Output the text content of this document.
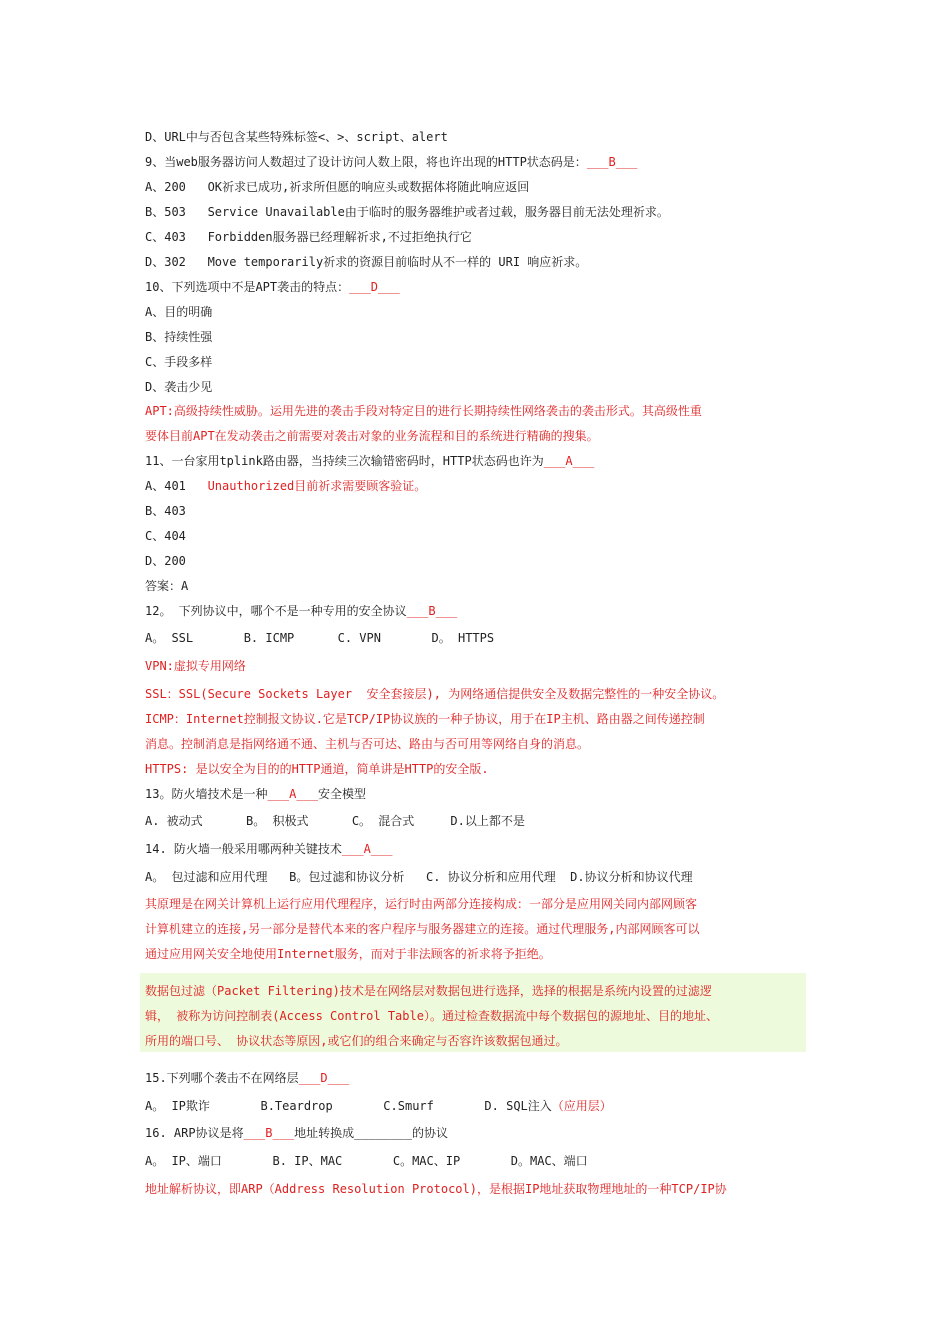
D、URL中与否包含某些特殊标签<、>、script、alert
9、当web服务器访问人数超过了设计访问人数上限，将也许出现的HTTP状态码是：___B___
A、200   OK祈求已成功,祈求所但愿的响应头或数据体将随此响应返回
B、503   Service Unavailable由于临时的服务器维护或者过载，服务器目前无法处理祈求。
C、403   Forbidden服务器已经理解祈求,不过拒绝执行它
D、302   Move temporarily祈求的资源目前临时从不一样的 URI 响应祈求。
10、下列选项中不是APT袭击的特点：___D___
A、目的明确
B、持续性强
C、手段多样
D、袭击少见
APT:高级持续性威胁。运用先进的袭击手段对特定目的进行长期持续性网络袭击的袭击形式。其高级性重
要体目前APT在发动袭击之前需要对袭击对象的业务流程和目的系统进行精确的搜集。
11、一台家用tplink路由器，当持续三次输错密码时，HTTP状态码也许为___A___
A、401   Unauthorized目前祈求需要顾客验证。
B、403
C、404
D、200
答案：A
12。 下列协议中，哪个不是一种专用的安全协议___B___
A。 SSL       B. ICMP      C. VPN       D。 HTTPS
VPN:虚拟专用网络
SSL：SSL(Secure Sockets Layer  安全套接层), 为网络通信提供安全及数据完整性的一种安全协议。
ICMP：Internet控制报文协议.它是TCP/IP协议族的一种子协议，用于在IP主机、路由器之间传递控制
消息。控制消息是指网络通不通、主机与否可达、路由与否可用等网络自身的消息。
HTTPS: 是以安全为目的的HTTP通道，简单讲是HTTP的安全版.
13。防火墙技术是一种___A___安全模型
A. 被动式      B。 积极式      C。 混合式     D.以上都不是
14. 防火墙一般采用哪两种关键技术___A___
A。 包过滤和应用代理   B。包过滤和协议分析   C. 协议分析和应用代理  D.协议分析和协议代理
其原理是在网关计算机上运行应用代理程序，运行时由两部分连接构成：一部分是应用网关同内部网顾客
计算机建立的连接,另一部分是替代本来的客户程序与服务器建立的连接。通过代理服务,内部网顾客可以
通过应用网关安全地使用Internet服务，而对于非法顾客的祈求将予拒绝。
数据包过滤（Packet Filtering)技术是在网络层对数据包进行选择，选择的根据是系统内设置的过滤逻
辑， 被称为访问控制表(Access Control Table）。通过检查数据流中每个数据包的源地址、目的地址、
所用的端口号、 协议状态等原因,或它们的组合来确定与否容许该数据包通过。
15.下列哪个袭击不在网络层___D___
A。 IP欺诈       B.Teardrop       C.Smurf       D. SQL注入（应用层）
16. ARP协议是将___B___地址转换成________的协议
A。 IP、端口       B. IP、MAC       C。MAC、IP       D。MAC、端口
地址解析协议，即ARP（Address Resolution Protocol)，是根据IP地址获取物理地址的一种TCP/IP协
